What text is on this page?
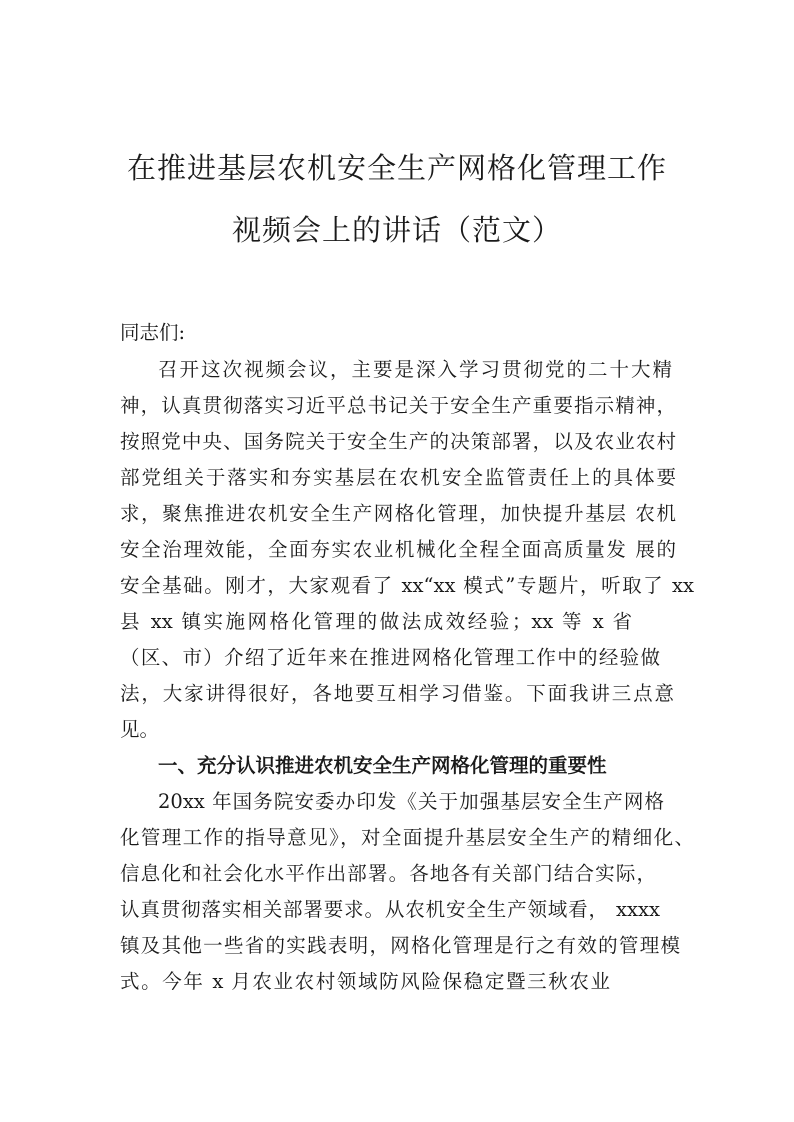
在推进基层农机安全生产网格化管理工作
视频会上的讲话（范文）
同志们:
召开这次视频会议，主要是深入学习贯彻党的二十大精
神，认真贯彻落实习近平总书记关于安全生产重要指示精神，
按照党中央、国务院关于安全生产的决策部署，以及农业农村
部党组关于落实和夯实基层在农机安全监管责任上的具体要
求，聚焦推进农机安全生产网格化管理，加快提升基层 农机
安全治理效能，全面夯实农业机械化全程全面高质量发 展的
安全基础。刚才，大家观看了 xx“xx 模式”专题片，听取了 xx
县 xx 镇实施网格化管理的做法成效经验；xx 等 x 省
（区、市）介绍了近年来在推进网格化管理工作中的经验做
法，大家讲得很好，各地要互相学习借鉴。下面我讲三点意
见。
一、充分认识推进农机安全生产网格化管理的重要性
20xx 年国务院安委办印发《关于加强基层安全生产网格
化管理工作的指导意见》，对全面提升基层安全生产的精细化、
信息化和社会化水平作出部署。各地各有关部门结合实际，
认真贯彻落实相关部署要求。从农机安全生产领域看， xxxx
镇及其他一些省的实践表明，网格化管理是行之有效的管理模
式。今年 x 月农业农村领域防风险保稳定暨三秋农业
